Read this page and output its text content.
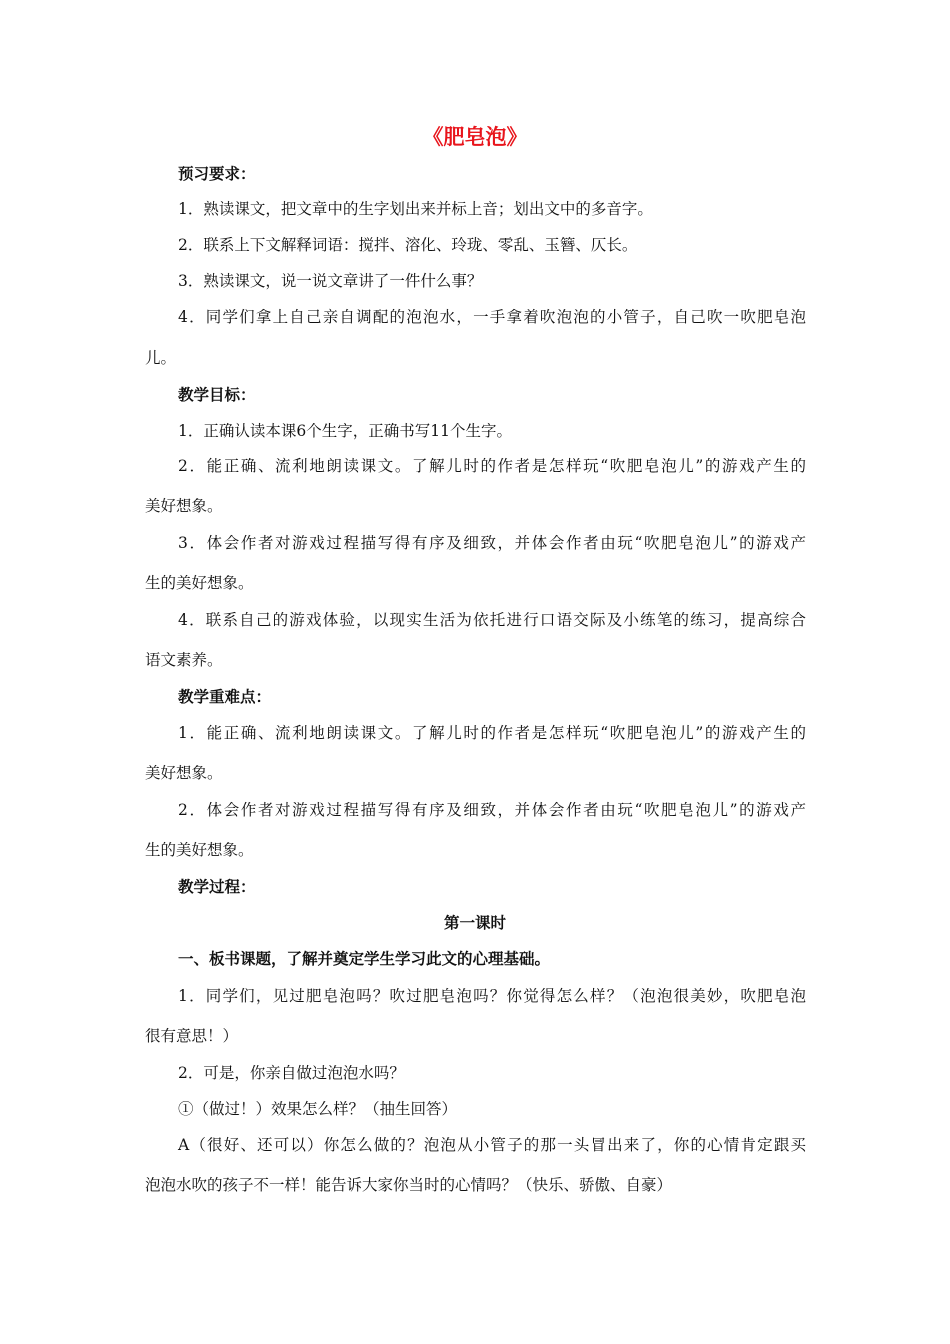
《肥皂泡》
预习要求：
1．熟读课文，把文章中的生字划出来并标上音；划出文中的多音字。
2．联系上下文解释词语：搅拌、溶化、玲珑、零乱、玉簪、仄长。
3．熟读课文，说一说文章讲了一件什么事？
4．同学们拿上自己亲自调配的泡泡水，一手拿着吹泡泡的小管子，自己吹一吹肥皂泡
儿。
教学目标：
1．正确认读本课6个生字，正确书写11个生字。
2．能正确、流利地朗读课文。了解儿时的作者是怎样玩“吹肥皂泡儿”的游戏产生的
美好想象。
3．体会作者对游戏过程描写得有序及细致，并体会作者由玩“吹肥皂泡儿”的游戏产
生的美好想象。
4．联系自己的游戏体验，以现实生活为依托进行口语交际及小练笔的练习，提高综合
语文素养。
教学重难点：
1．能正确、流利地朗读课文。了解儿时的作者是怎样玩“吹肥皂泡儿”的游戏产生的
美好想象。
2．体会作者对游戏过程描写得有序及细致，并体会作者由玩“吹肥皂泡儿”的游戏产
生的美好想象。
教学过程：
第一课时
一、板书课题，了解并奠定学生学习此文的心理基础。
1．同学们，见过肥皂泡吗？吹过肥皂泡吗？你觉得怎么样？（泡泡很美妙，吹肥皂泡
很有意思！）
2．可是，你亲自做过泡泡水吗？
①（做过！）效果怎么样？（抽生回答）
A（很好、还可以）你怎么做的？泡泡从小管子的那一头冒出来了，你的心情肯定跟买
泡泡水吹的孩子不一样！能告诉大家你当时的心情吗？（快乐、骄傲、自豪）
